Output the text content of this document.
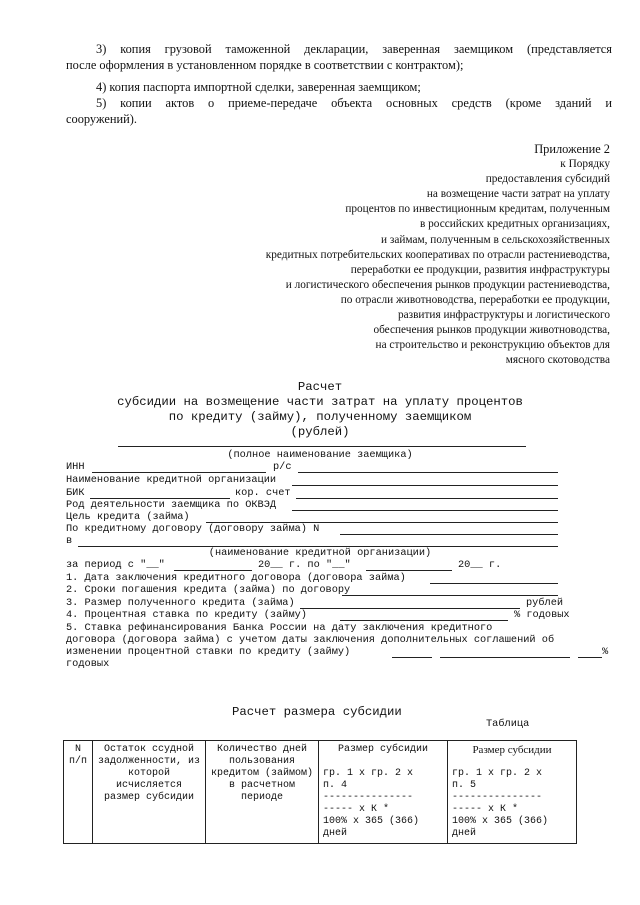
3) копия грузовой таможенной декларации, заверенная заемщиком (представляется
после оформления в установленном порядке в соответствии с контрактом);
4) копия паспорта импортной сделки, заверенная заемщиком;
5) копии актов о приеме-передаче объекта основных средств (кроме зданий и
сооружений).
Приложение 2
к Порядку
предоставления субсидий
на возмещение части затрат на уплату
процентов по инвестиционным кредитам, полученным
в российских кредитных организациях,
и займам, полученным в сельскохозяйственных
кредитных потребительских кооперативах по отрасли растениеводства,
переработки ее продукции, развития инфраструктуры
и логистического обеспечения рынков продукции растениеводства,
по отрасли животноводства, переработки ее продукции,
развития инфраструктуры и логистического
обеспечения рынков продукции животноводства,
на строительство и реконструкцию объектов для
мясного скотоводства
Расчет
субсидии на возмещение части затрат на уплату процентов
по кредиту (займу), полученному заемщиком
(рублей)
(полное наименование заемщика)
ИНН	р/с
Наименование кредитной организации
БИК	кор. счет
Род деятельности заемщика по ОКВЭД
Цель кредита (займа)
По кредитному договору (договору займа) N
в
(наименование кредитной организации)
за период с "__"	20__ г. по "__"	20__ г.
1. Дата заключения кредитного договора (договора займа)
2. Сроки погашения кредита (займа) по договору
3. Размер полученного кредита (займа)	рублей
4. Процентная ставка по кредиту (займу)	% годовых
5. Ставка рефинансирования Банка России на дату заключения кредитного
договора (договора займа) с учетом даты заключения дополнительных соглашений об
изменении процентной ставки по кредиту (займу)	%
годовых
Расчет размера субсидии
Таблица
N
п/п

Остаток ссудной
задолженности, из
которой
исчисляется
размер субсидии

Количество дней
пользования
кредитом (займом)
в расчетном
периоде

Размер субсидии
гр. 1 x гр. 2 x
п. 4
---------------
----- x К *
100% x 365 (366)
дней

Размер субсидии
гр. 1 x гр. 2 x
п. 5
---------------
----- x К *
100% x 365 (366)
дней
